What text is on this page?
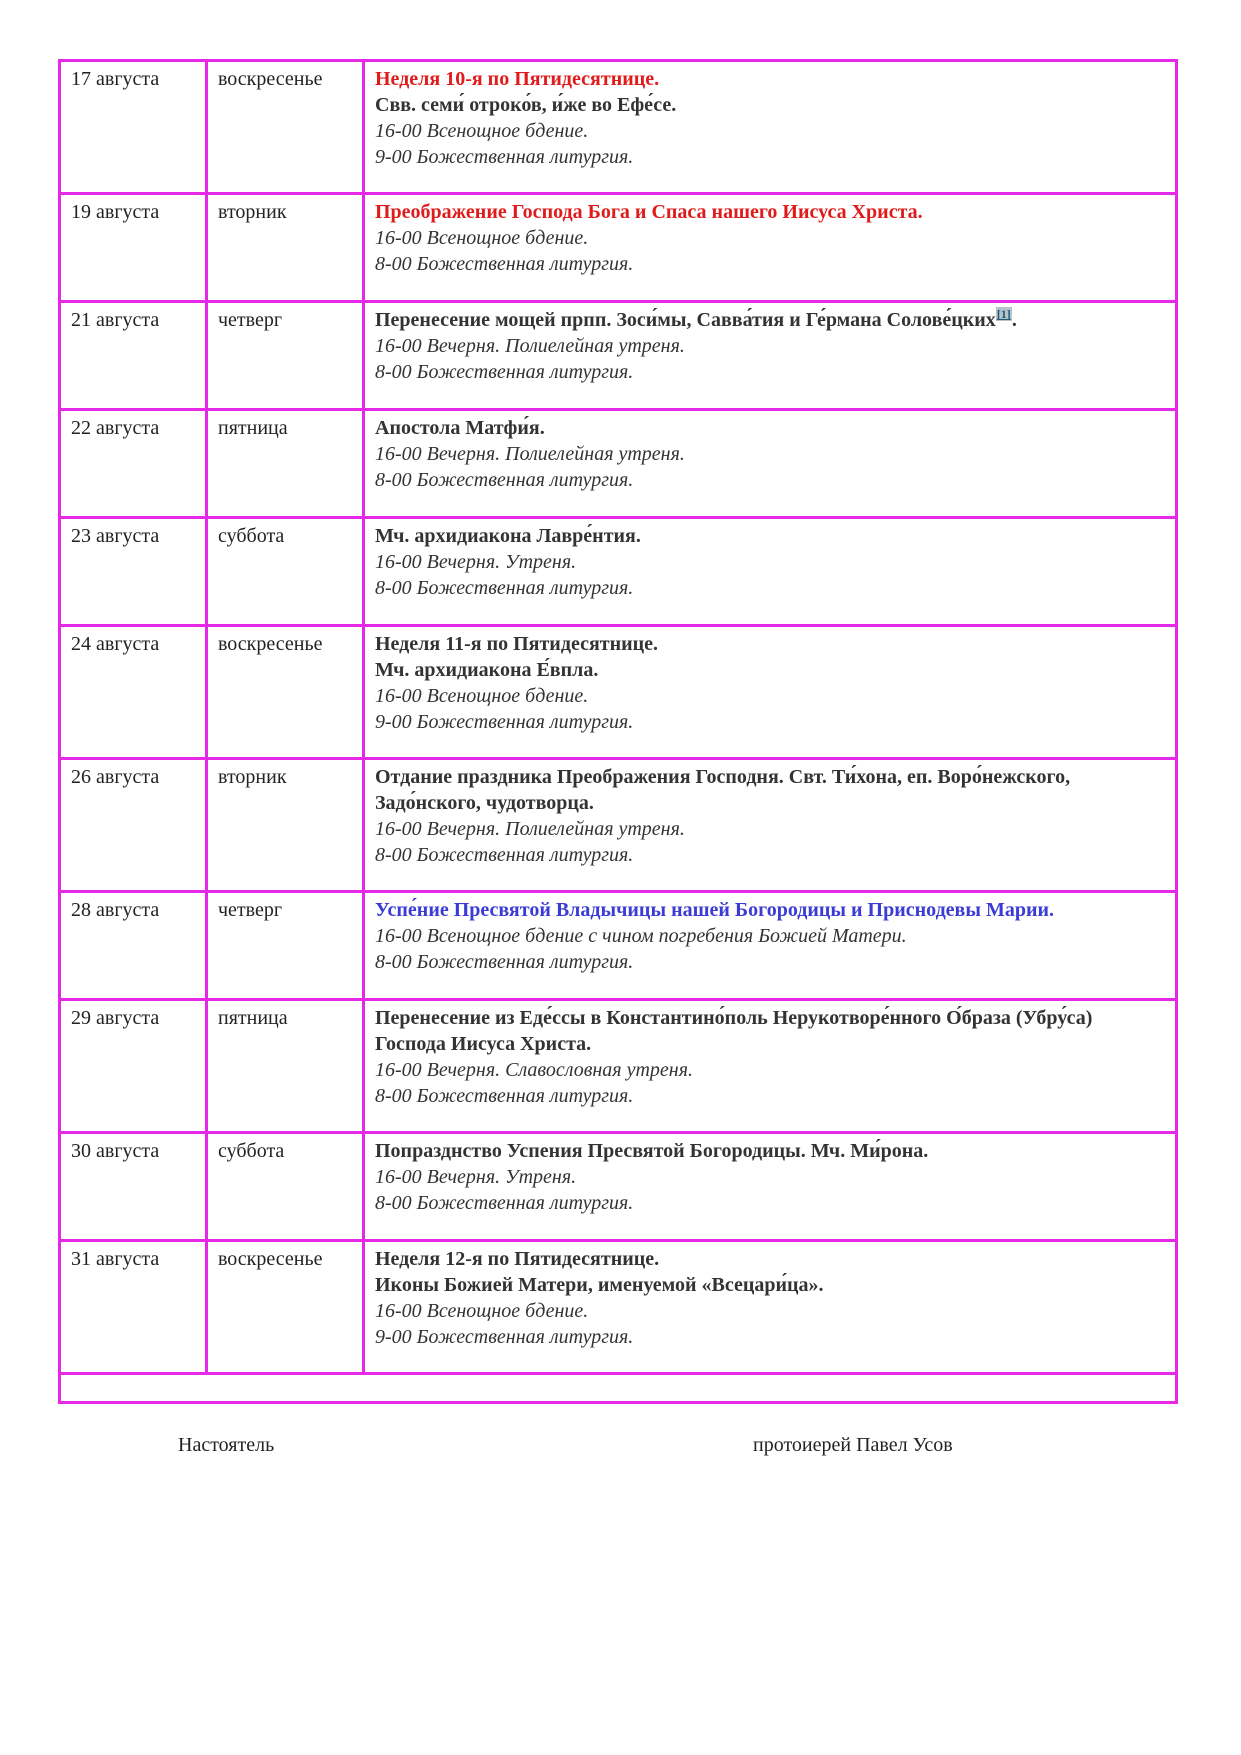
17 августа	воскресенье	Неделя 10-я по Пятидесятнице.
Свв. семи́ отроко́в, и́же во Ефе́се.
16-00 Всенощное бдение.
9-00 Божественная литургия.

19 августа	вторник	Преображение Господа Бога и Спаса нашего Иисуса Христа.
16-00 Всенощное бдение.
8-00 Божественная литургия.

21 августа	четверг	Перенесение мощей прпп. Зоси́мы, Савва́тия и Ге́рмана Солове́цких[1].
16-00 Вечерня. Полиелейная утреня.
8-00 Божественная литургия.

22 августа	пятница	Апостола Матфи́я.
16-00 Вечерня. Полиелейная утреня.
8-00 Божественная литургия.

23 августа	суббота	Мч. архидиакона Лавре́нтия.
16-00 Вечерня. Утреня.
8-00 Божественная литургия.

24 августа	воскресенье	Неделя 11-я по Пятидесятнице.
Мч. архидиакона Е́впла.
16-00 Всенощное бдение.
9-00 Божественная литургия.

26 августа	вторник	Отдание праздника Преображения Господня. Свт. Ти́хона, еп. Воро́нежского, Задо́нского, чудотворца.
16-00 Вечерня. Полиелейная утреня.
8-00 Божественная литургия.

28 августа	четверг	Успе́ние Пресвятой Владычицы нашей Богородицы и Приснодевы Марии.
16-00 Всенощное бдение с чином погребения Божией Матери.
8-00 Божественная литургия.

29 августа	пятница	Перенесение из Еде́ссы в Константино́поль Нерукотворе́нного О́браза (Убру́са) Господа Иисуса Христа.
16-00 Вечерня. Славословная утреня.
8-00 Божественная литургия.

30 августа	суббота	Попразднство Успения Пресвятой Богородицы. Мч. Ми́рона.
16-00 Вечерня. Утреня.
8-00 Божественная литургия.

31 августа	воскресенье	Неделя 12-я по Пятидесятнице.
Иконы Божией Матери, именуемой «Всецари́ца».
16-00 Всенощное бдение.
9-00 Божественная литургия.

Настоятель	протоиерей Павел Усов
